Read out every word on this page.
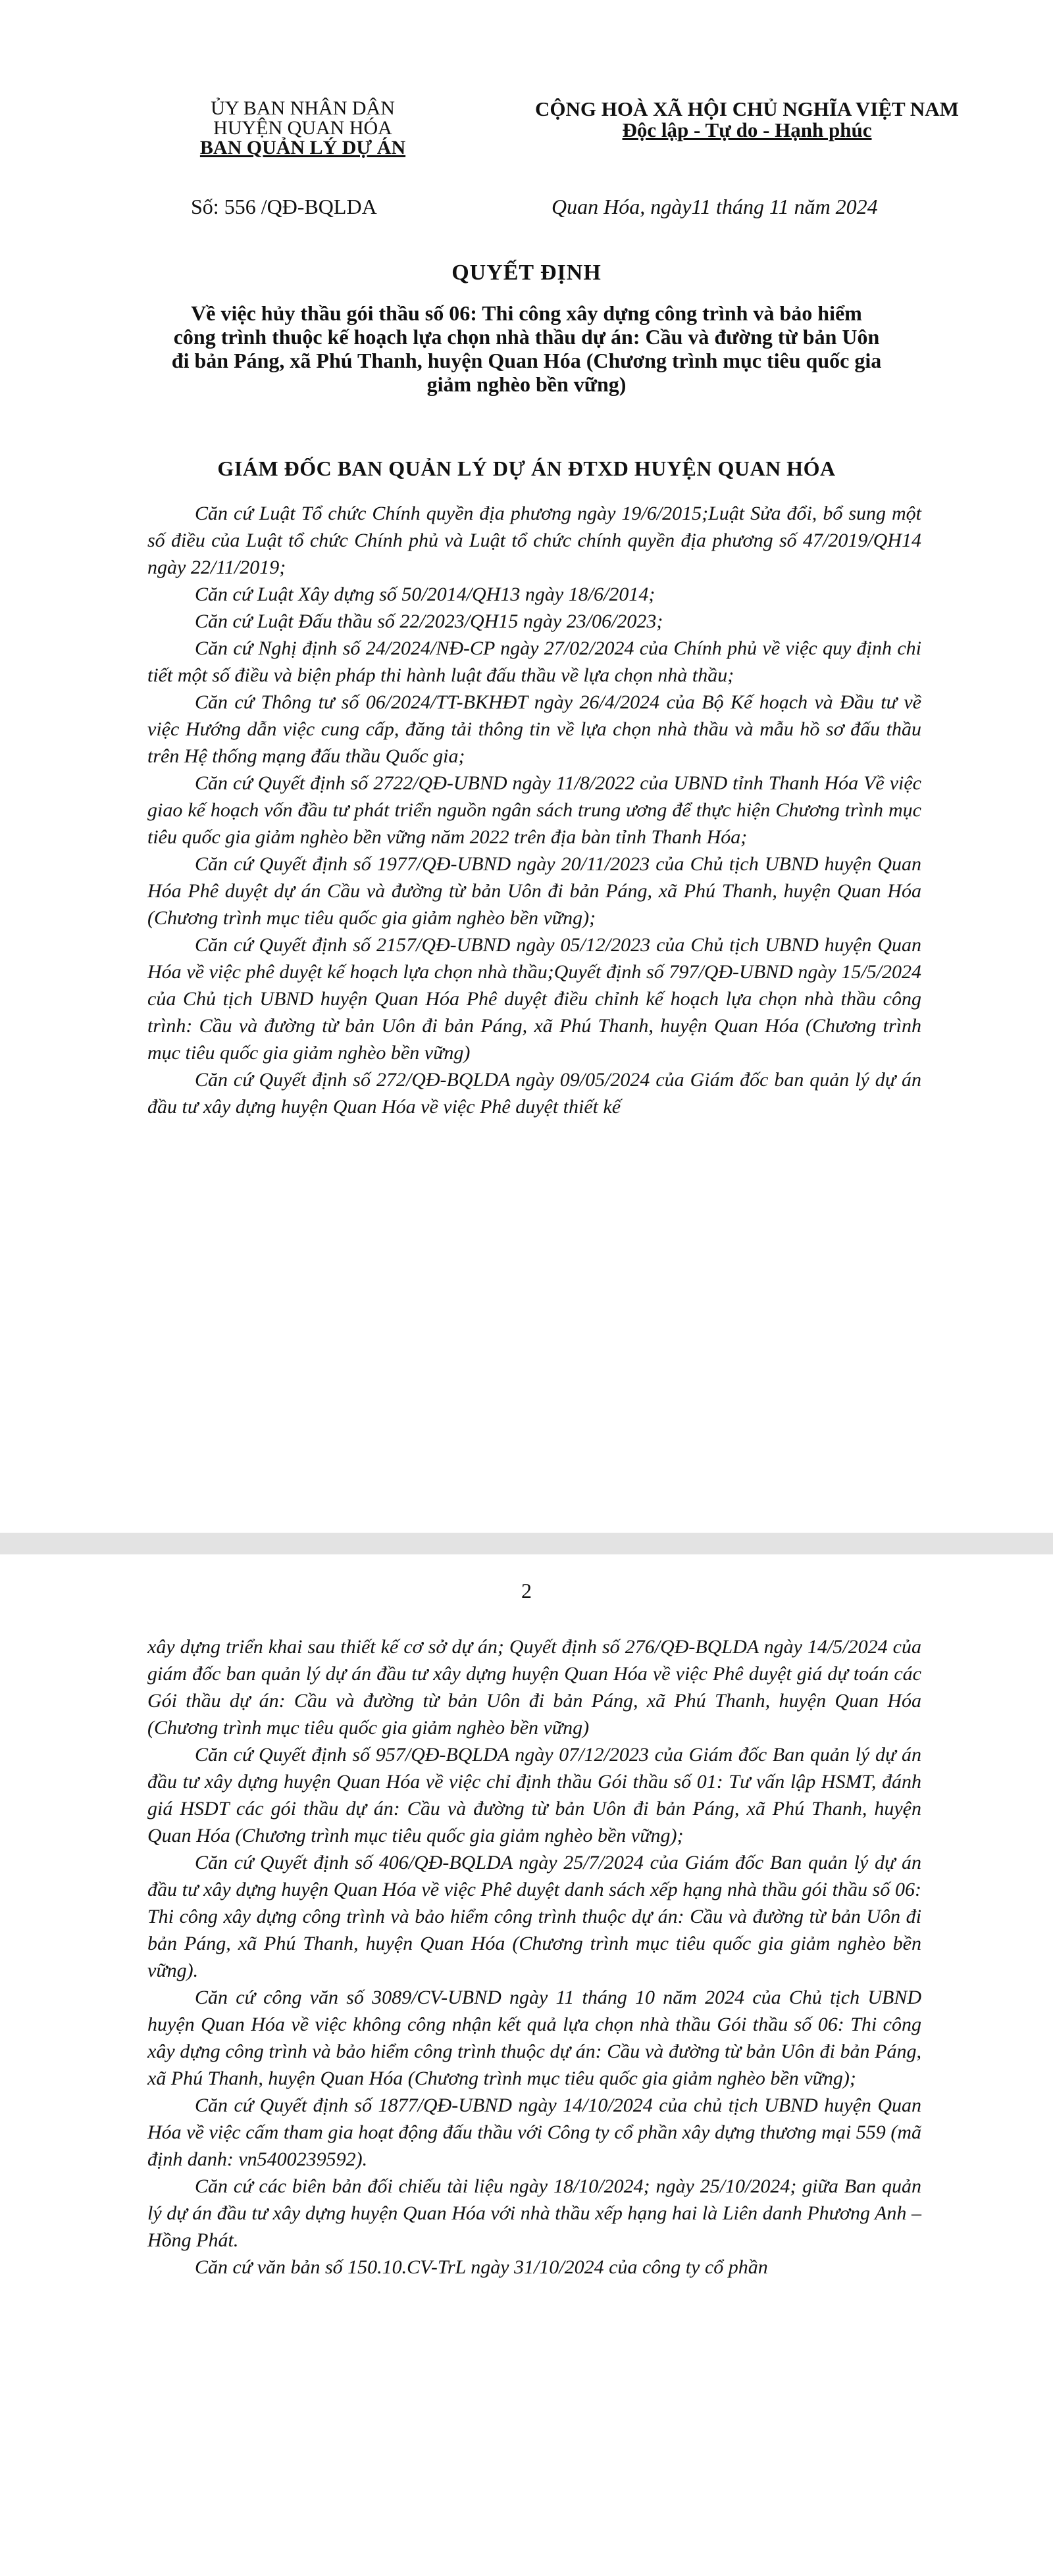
ỦY BAN NHÂN DÂN
HUYỆN QUAN HÓA
BAN QUẢN LÝ DỰ ÁN
CỘNG HOÀ XÃ HỘI CHỦ NGHĨA VIỆT NAM
Độc lập - Tự do - Hạnh phúc
Số: 556 /QĐ-BQLDA	Quan Hóa, ngày11 tháng 11 năm 2024
QUYẾT ĐỊNH
Về việc hủy thầu gói thầu số 06: Thi công xây dựng công trình và bảo hiểm công trình thuộc kế hoạch lựa chọn nhà thầu dự án: Cầu và đường từ bản Uôn đi bản Páng, xã Phú Thanh, huyện Quan Hóa (Chương trình mục tiêu quốc gia giảm nghèo bền vững)
GIÁM ĐỐC BAN QUẢN LÝ DỰ ÁN ĐTXD HUYỆN QUAN HÓA

Căn cứ Luật Tổ chức Chính quyền địa phương ngày 19/6/2015;Luật Sửa đổi, bổ sung một số điều của Luật tổ chức Chính phủ và Luật tổ chức chính quyền địa phương số 47/2019/QH14 ngày 22/11/2019;

Căn cứ Luật Xây dựng số 50/2014/QH13 ngày 18/6/2014;

Căn cứ Luật Đấu thầu số 22/2023/QH15 ngày 23/06/2023;

Căn cứ Nghị định số 24/2024/NĐ-CP ngày 27/02/2024 của Chính phủ về việc quy định chi tiết một số điều và biện pháp thi hành luật đấu thầu về lựa chọn nhà thầu;

Căn cứ Thông tư số 06/2024/TT-BKHĐT ngày 26/4/2024 của Bộ Kế hoạch và Đầu tư về việc Hướng dẫn việc cung cấp, đăng tải thông tin về lựa chọn nhà thầu và mẫu hồ sơ đấu thầu trên Hệ thống mạng đấu thầu Quốc gia;

Căn cứ Quyết định số 2722/QĐ-UBND ngày 11/8/2022 của UBND tỉnh Thanh Hóa Về việc giao kế hoạch vốn đầu tư phát triển nguồn ngân sách trung ương để thực hiện Chương trình mục tiêu quốc gia giảm nghèo bền vững năm 2022 trên địa bàn tỉnh Thanh Hóa;

Căn cứ Quyết định số 1977/QĐ-UBND ngày 20/11/2023 của Chủ tịch UBND huyện Quan Hóa Phê duyệt dự án Cầu và đường từ bản Uôn đi bản Páng, xã Phú Thanh, huyện Quan Hóa (Chương trình mục tiêu quốc gia giảm nghèo bền vững);

Căn cứ Quyết định số 2157/QĐ-UBND ngày 05/12/2023 của Chủ tịch UBND huyện Quan Hóa về việc phê duyệt kế hoạch lựa chọn nhà thầu;Quyết định số 797/QĐ-UBND ngày 15/5/2024 của Chủ tịch UBND huyện Quan Hóa Phê duyệt điều chỉnh kế hoạch lựa chọn nhà thầu công trình: Cầu và đường từ bản Uôn đi bản Páng, xã Phú Thanh, huyện Quan Hóa (Chương trình mục tiêu quốc gia giảm nghèo bền vững)

Căn cứ Quyết định số 272/QĐ-BQLDA ngày 09/05/2024 của Giám đốc ban quản lý dự án đầu tư xây dựng huyện Quan Hóa về việc Phê duyệt thiết kế

2

xây dựng triển khai sau thiết kế cơ sở dự án; Quyết định số 276/QĐ-BQLDA ngày 14/5/2024 của giám đốc ban quản lý dự án đầu tư xây dựng huyện Quan Hóa về việc Phê duyệt giá dự toán các Gói thầu dự án: Cầu và đường từ bản Uôn đi bản Páng, xã Phú Thanh, huyện Quan Hóa (Chương trình mục tiêu quốc gia giảm nghèo bền vững)

Căn cứ Quyết định số 957/QĐ-BQLDA ngày 07/12/2023 của Giám đốc Ban quản lý dự án đầu tư xây dựng huyện Quan Hóa về việc chỉ định thầu Gói thầu số 01: Tư vấn lập HSMT, đánh giá HSDT các gói thầu dự án: Cầu và đường từ bản Uôn đi bản Páng, xã Phú Thanh, huyện Quan Hóa (Chương trình mục tiêu quốc gia giảm nghèo bền vững);

Căn cứ Quyết định số 406/QĐ-BQLDA ngày 25/7/2024 của Giám đốc Ban quản lý dự án đầu tư xây dựng huyện Quan Hóa về việc Phê duyệt danh sách xếp hạng nhà thầu gói thầu số 06: Thi công xây dựng công trình và bảo hiểm công trình thuộc dự án: Cầu và đường từ bản Uôn đi bản Páng, xã Phú Thanh, huyện Quan Hóa (Chương trình mục tiêu quốc gia giảm nghèo bền vững).

Căn cứ công văn số 3089/CV-UBND ngày 11 tháng 10 năm 2024 của Chủ tịch UBND huyện Quan Hóa về việc không công nhận kết quả lựa chọn nhà thầu Gói thầu số 06: Thi công xây dựng công trình và bảo hiểm công trình thuộc dự án: Cầu và đường từ bản Uôn đi bản Páng, xã Phú Thanh, huyện Quan Hóa (Chương trình mục tiêu quốc gia giảm nghèo bền vững);

Căn cứ Quyết định số 1877/QĐ-UBND ngày 14/10/2024 của chủ tịch UBND huyện Quan Hóa về việc cấm tham gia hoạt động đấu thầu với Công ty cổ phần xây dựng thương mại 559 (mã định danh: vn5400239592).

Căn cứ các biên bản đối chiếu tài liệu ngày 18/10/2024; ngày 25/10/2024; giữa Ban quản lý dự án đầu tư xây dựng huyện Quan Hóa với nhà thầu xếp hạng hai là Liên danh Phương Anh – Hồng Phát.

Căn cứ văn bản số 150.10.CV-TrL ngày 31/10/2024 của công ty cổ phần
